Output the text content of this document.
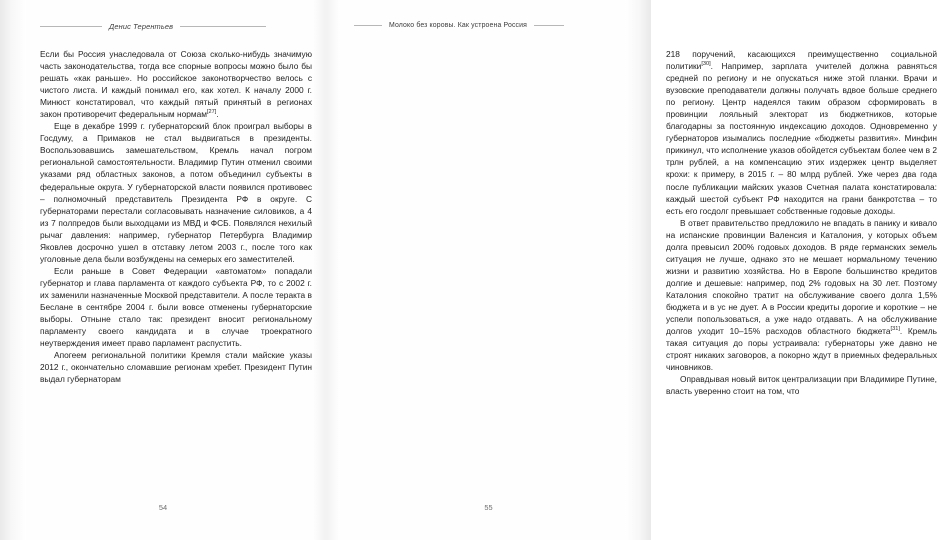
Денис Терентьев

Если бы Россия унаследовала от Союза сколько-нибудь значимую часть законодательства, тогда все спорные вопросы можно было бы решать «как раньше». Но российское законотворчество велось с чистого листа. И каждый понимал его, как хотел. К началу 2000 г. Минюст констатировал, что каждый пятый принятый в регионах закон противоречит федеральным нормам[27].

Еще в декабре 1999 г. губернаторский блок проиграл выборы в Госдуму, а Примаков не стал выдвигаться в президенты. Воспользовавшись замешательством, Кремль начал погром региональной самостоятельности. Владимир Путин отменил своими указами ряд областных законов, а потом объединил субъекты в федеральные округа. У губернаторской власти появился противовес – полномочный представитель Президента РФ в округе. С губернаторами перестали согласовывать назначение силовиков, а 4 из 7 полпредов были выходцами из МВД и ФСБ. Появлялся нехилый рычаг давления: например, губернатор Петербурга Владимир Яковлев досрочно ушел в отставку летом 2003 г., после того как уголовные дела были возбуждены на семерых его заместителей.

Если раньше в Совет Федерации «автоматом» попадали губернатор и глава парламента от каждого субъекта РФ, то с 2002 г. их заменили назначенные Москвой представители. А после теракта в Беслане в сентябре 2004 г. были вовсе отменены губернаторские выборы. Отныне стало так: президент вносит региональному парламенту своего кандидата и в случае троекратного неутверждения имеет право парламент распустить.

Апогеем региональной политики Кремля стали майские указы 2012 г., окончательно сломавшие регионам хребет. Президент Путин выдал губернаторам

54
Молоко без коровы. Как устроена Россия

218 поручений, касающихся преимущественно социальной политики[30]. Например, зарплата учителей должна равняться средней по региону и не опускаться ниже этой планки. Врачи и вузовские преподаватели должны получать вдвое больше среднего по региону. Центр надеялся таким образом сформировать в провинции лояльный электорат из бюджетников, которые благодарны за постоянную индексацию доходов. Одновременно у губернаторов изымались последние «бюджеты развития». Минфин прикинул, что исполнение указов обойдется субъектам более чем в 2 трлн рублей, а на компенсацию этих издержек центр выделяет крохи: к примеру, в 2015 г. – 80 млрд рублей. Уже через два года после публикации майских указов Счетная палата констатировала: каждый шестой субъект РФ находится на грани банкротства – то есть его госдолг превышает собственные годовые доходы.

В ответ правительство предложило не впадать в панику и кивало на испанские провинции Валенсия и Каталония, у которых объем долга превысил 200% годовых доходов. В ряде германских земель ситуация не лучше, однако это не мешает нормальному течению жизни и развитию хозяйства. Но в Европе большинство кредитов долгие и дешевые: например, под 2% годовых на 30 лет. Поэтому Каталония спокойно тратит на обслуживание своего долга 1,5% бюджета и в ус не дует. А в России кредиты дорогие и короткие – не успели попользоваться, а уже надо отдавать. А на обслуживание долгов уходит 10–15% расходов областного бюджета[31]. Кремль такая ситуация до поры устраивала: губернаторы уже давно не строят никаких заговоров, а покорно ждут в приемных федеральных чиновников.

Оправдывая новый виток централизации при Владимире Путине, власть уверенно стоит на том, что

55
